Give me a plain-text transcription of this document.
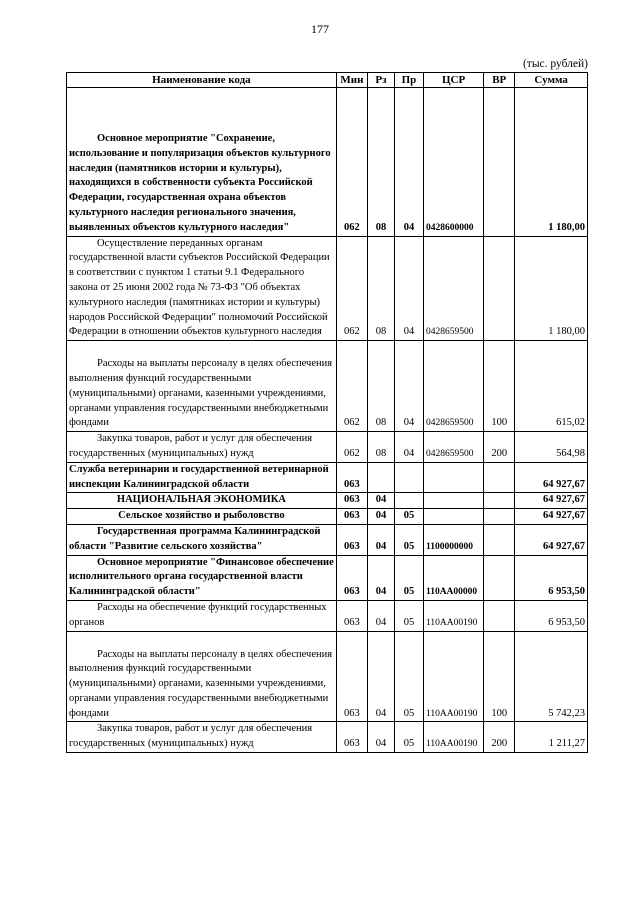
177
(тыс. рублей)
Наименование кода	Мин	Рз	Пр	ЦСР	ВР	Сумма
Основное мероприятие "Сохранение, использование и популяризация объектов культурного наследия (памятников истории и культуры), находящихся в собственности субъекта Российской Федерации, государственная охрана объектов культурного наследия регионального значения, выявленных объектов культурного наследия"	062	08	04	0428600000		1 180,00
Осуществление переданных органам государственной власти субъектов Российской Федерации в соответствии с пунктом 1 статьи 9.1 Федерального закона от 25 июня 2002 года № 73-ФЗ "Об объектах культурного наследия (памятниках истории и культуры) народов Российской Федерации" полномочий Российской Федерации в отношении объектов культурного наследия	062	08	04	0428659500		1 180,00
Расходы на выплаты персоналу в целях обеспечения выполнения функций государственными (муниципальными) органами, казенными учреждениями, органами управления государственными внебюджетными фондами	062	08	04	0428659500	100	615,02
Закупка товаров, работ и услуг для обеспечения государственных (муниципальных) нужд	062	08	04	0428659500	200	564,98
Служба ветеринарии и государственной ветеринарной инспекции Калининградской области	063					64 927,67
НАЦИОНАЛЬНАЯ ЭКОНОМИКА	063	04				64 927,67
Сельское хозяйство и рыболовство	063	04	05			64 927,67
Государственная программа Калининградской области "Развитие сельского хозяйства"	063	04	05	1100000000		64 927,67
Основное мероприятие "Финансовое обеспечение исполнительного органа государственной власти Калининградской области"	063	04	05	110АА00000		6 953,50
Расходы на обеспечение функций государственных органов	063	04	05	110АА00190		6 953,50
Расходы на выплаты персоналу в целях обеспечения выполнения функций государственными (муниципальными) органами, казенными учреждениями, органами управления государственными внебюджетными фондами	063	04	05	110АА00190	100	5 742,23
Закупка товаров, работ и услуг для обеспечения государственных (муниципальных) нужд	063	04	05	110АА00190	200	1 211,27
